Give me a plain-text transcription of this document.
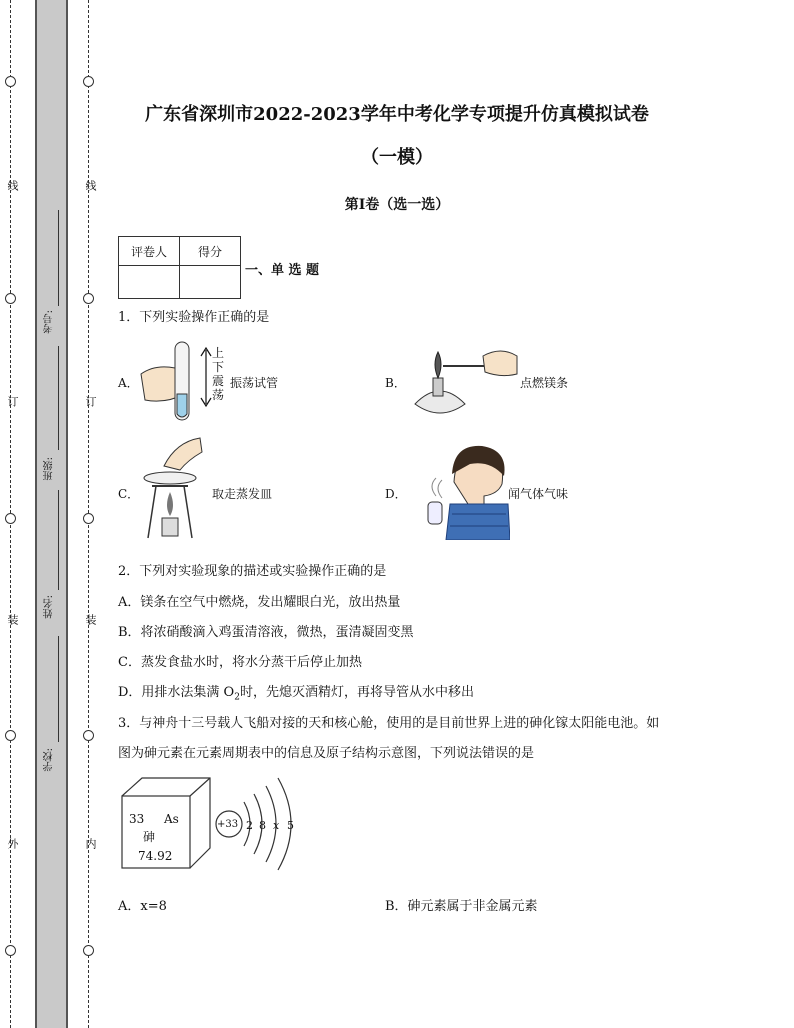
线
订
装
外
线
订
装
内
考号:
班级:
姓名:
学校:
广东省深圳市2022-2023学年中考化学专项提升仿真模拟试卷
（一模）
第I卷（选一选）
评卷人	得分

一、单 选 题
1．下列实验操作正确的是
A．
上
下
震
荡
振荡试管	B．	点燃镁条
C．	取走蒸发皿	D．	闻气体气味
2．下列对实验现象的描述或实验操作正确的是
A．镁条在空气中燃烧，发出耀眼白光，放出热量
B．将浓硝酸滴入鸡蛋清溶液，微热，蛋清凝固变黑
C．蒸发食盐水时，将水分蒸干后停止加热
D．用排水法集满 $O_2$时，先熄灭酒精灯，再将导管从水中移出
3．与神舟十三号载人飞船对接的天和核心舱，使用的是目前世界上进的砷化镓太阳能电池。如
图为砷元素在元素周期表中的信息及原子结构示意图，下列说法错误的是
33 As
砷
74.92
+33 2 8 x 5
A．x=8	B．砷元素属于非金属元素
